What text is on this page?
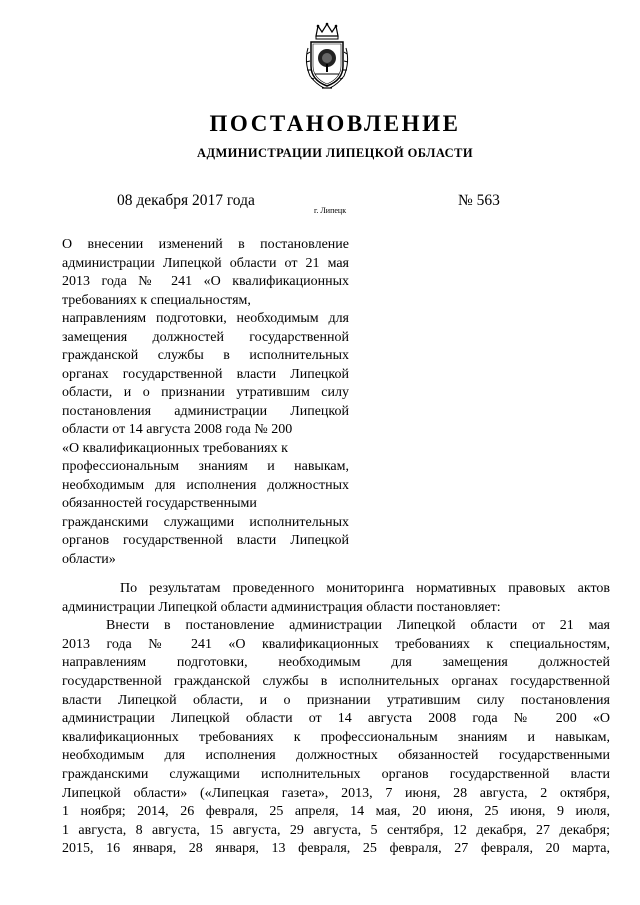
ПОСТАНОВЛЕНИЕ
АДМИНИСТРАЦИИ ЛИПЕЦКОЙ ОБЛАСТИ
08 декабря 2017 года
г. Липецк
№ 563
О внесении изменений в постановление
администрации Липецкой области от 21 мая
2013 года № 241 «О квалификационных
требованиях к специальностям,
направлениям подготовки, необходимым для
замещения должностей государственной
гражданской службы в исполнительных
органах государственной власти Липецкой
области, и о признании утратившим силу
постановления администрации Липецкой
области от 14 августа 2008 года № 200
«О квалификационных требованиях к
профессиональным знаниям и навыкам,
необходимым для исполнения должностных
обязанностей государственными
гражданскими служащими исполнительных
органов государственной власти Липецкой
области»
По результатам проведенного мониторинга нормативных правовых актов
администрации Липецкой области администрация области постановляет:
Внести в постановление администрации Липецкой области от 21 мая
2013 года № 241 «О квалификационных требованиях к специальностям,
направлениям подготовки, необходимым для замещения должностей
государственной гражданской службы в исполнительных органах государственной
власти Липецкой области, и о признании утратившим силу постановления
администрации Липецкой области от 14 августа 2008 года № 200 «О
квалификационных требованиях к профессиональным знаниям и навыкам,
необходимым для исполнения должностных обязанностей государственными
гражданскими служащими исполнительных органов государственной власти
Липецкой области» («Липецкая газета», 2013, 7 июня, 28 августа, 2 октября,
1 ноября; 2014, 26 февраля, 25 апреля, 14 мая, 20 июня, 25 июня, 9 июля,
1 августа, 8 августа, 15 августа, 29 августа, 5 сентября, 12 декабря, 27 декабря;
2015, 16 января, 28 января, 13 февраля, 25 февраля, 27 февраля, 20 марта,
